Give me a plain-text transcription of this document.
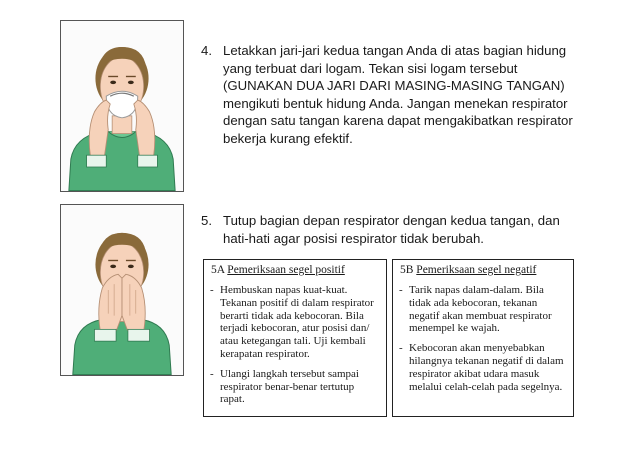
4. Letakkan jari-jari kedua tangan Anda di atas bagian hidung yang terbuat dari logam. Tekan sisi logam tersebut (GUNAKAN DUA JARI DARI MASING-MASING TANGAN) mengikuti bentuk hidung Anda. Jangan menekan respirator dengan satu tangan karena dapat mengakibatkan respirator bekerja kurang efektif.
5. Tutup bagian depan respirator dengan kedua tangan, dan hati-hati agar posisi respirator tidak berubah.
5A Pemeriksaan segel positif
- Hembuskan napas kuat-kuat. Tekanan positif di dalam respirator berarti tidak ada kebocoran. Bila terjadi kebocoran, atur posisi dan/ atau ketegangan tali. Uji kembali kerapatan respirator.
- Ulangi langkah tersebut sampai respirator benar-benar tertutup rapat.
5B Pemeriksaan segel negatif
- Tarik napas dalam-dalam. Bila tidak ada kebocoran, tekanan negatif akan membuat respirator menempel ke wajah.
- Kebocoran akan menyebabkan hilangnya tekanan negatif di dalam respirator akibat udara masuk melalui celah-celah pada segelnya.
